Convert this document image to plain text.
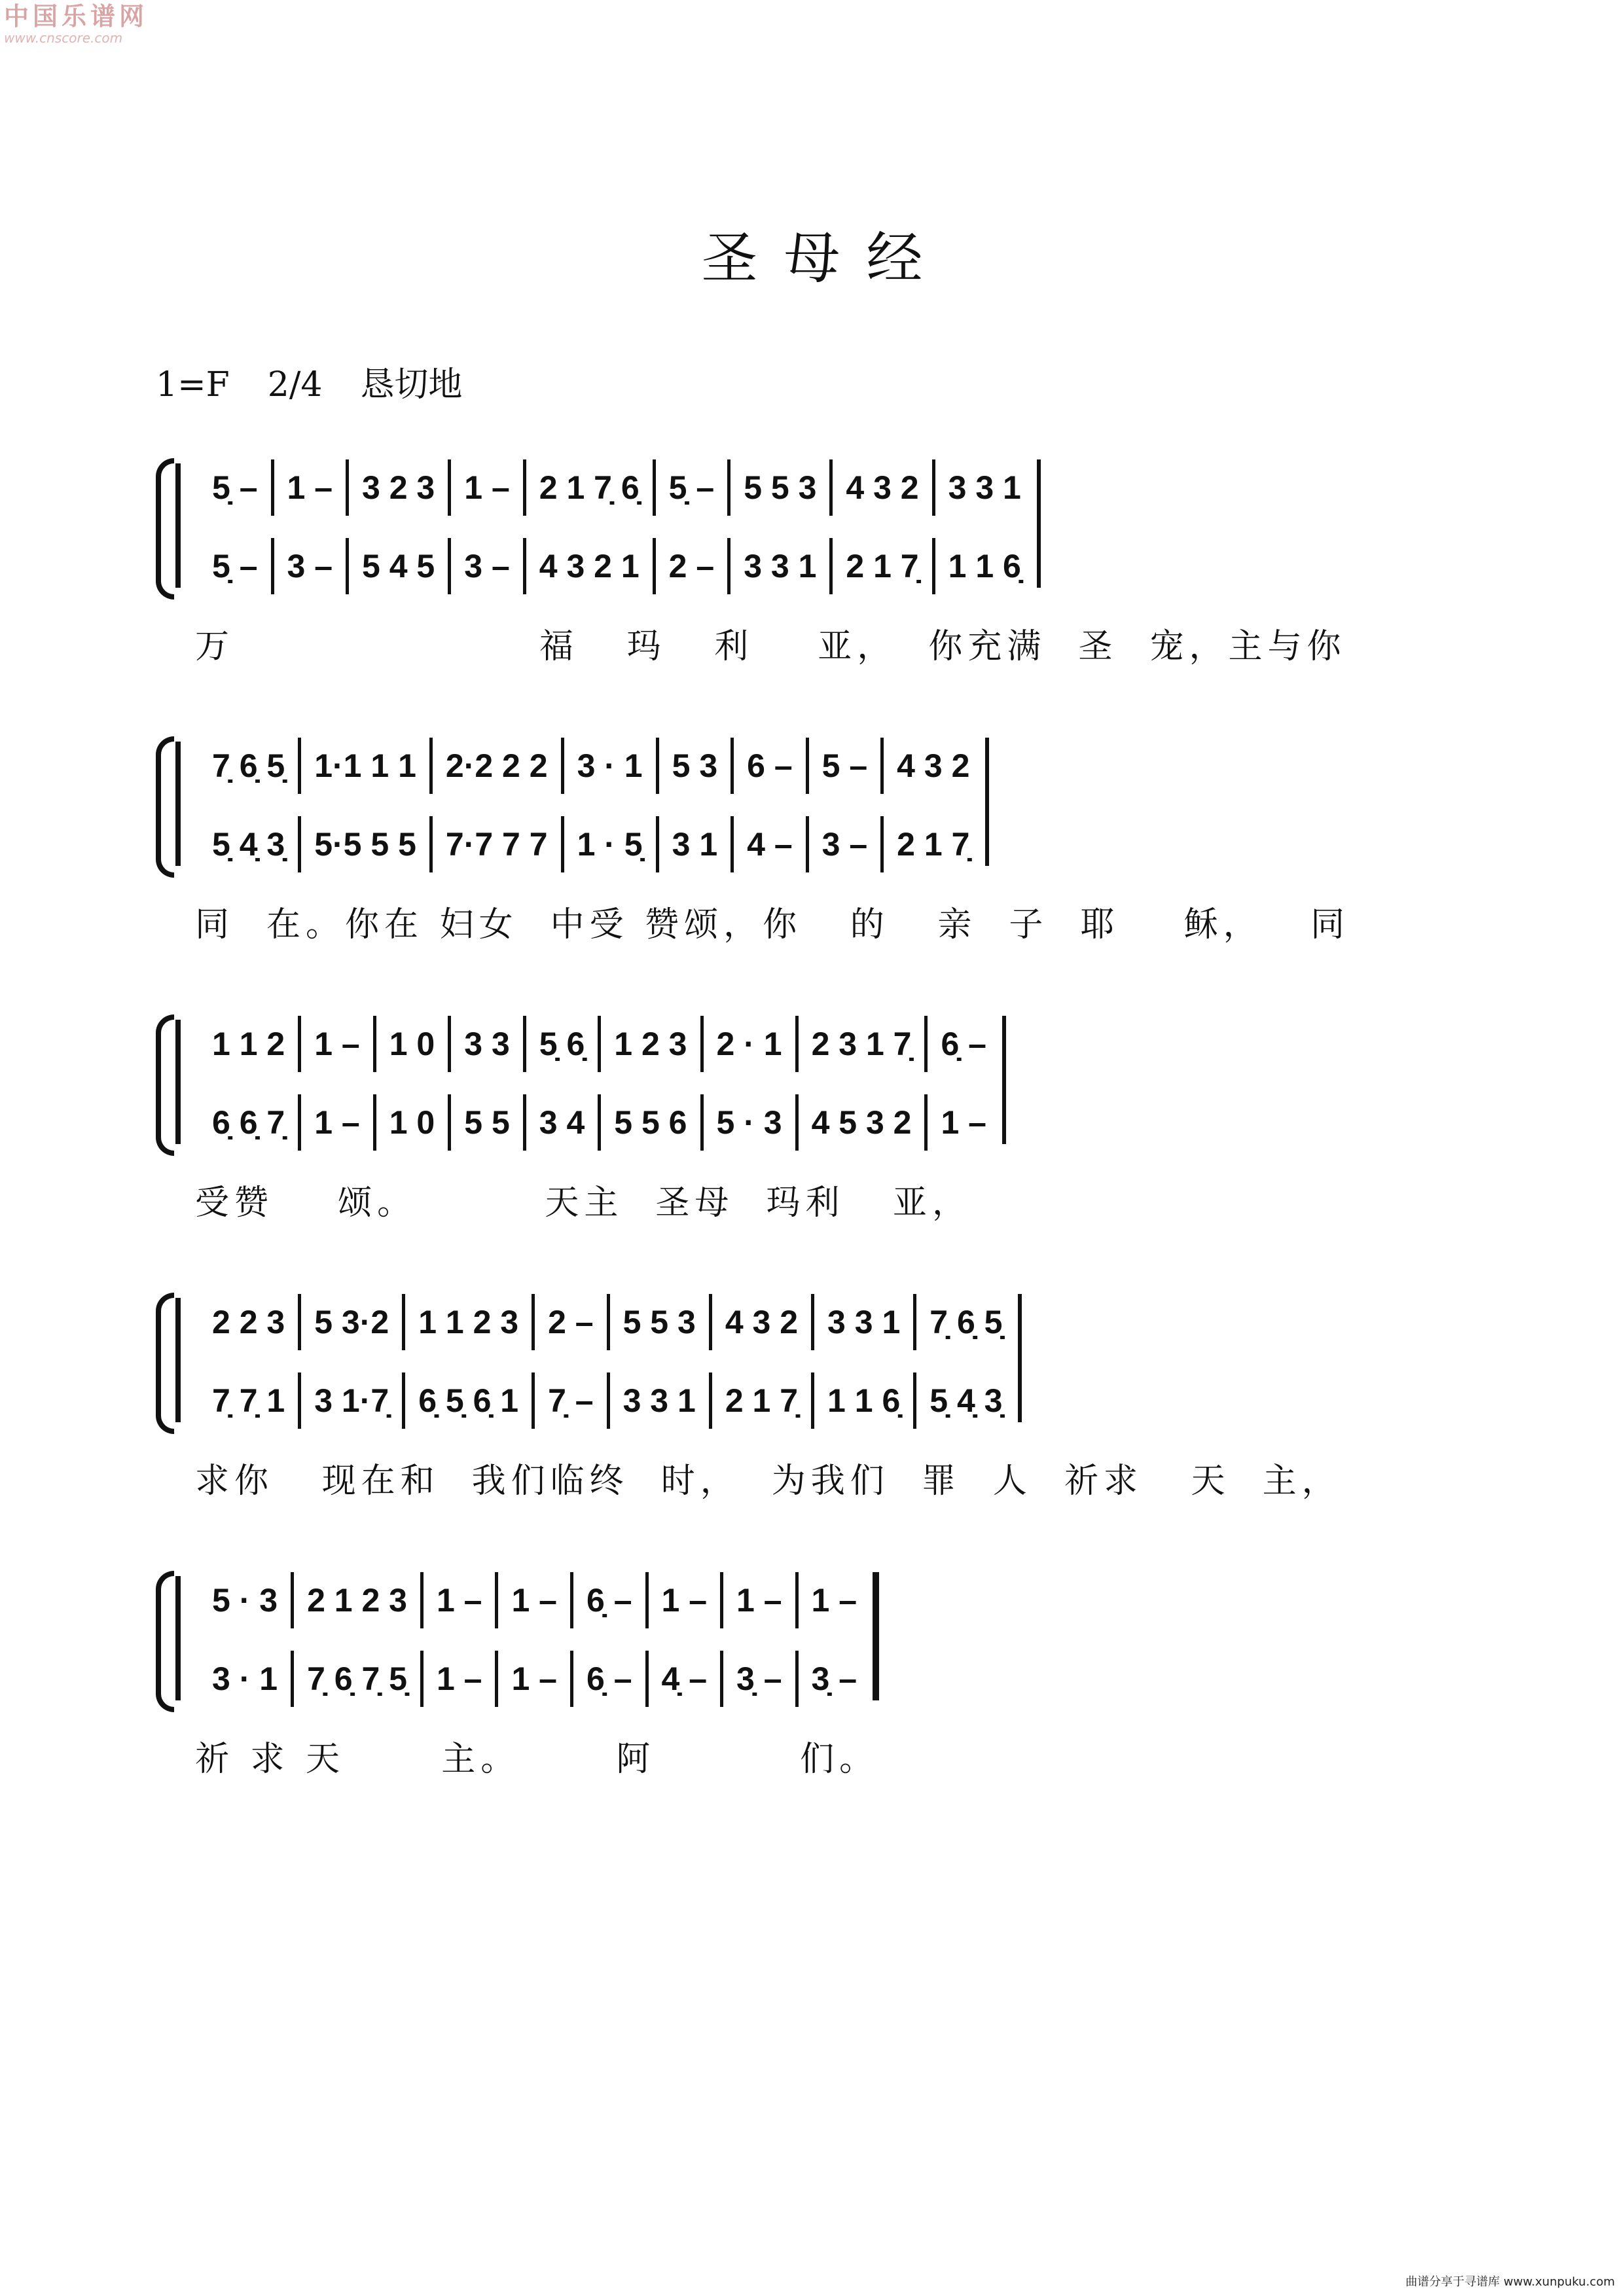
中国乐谱网
www.cnscore.com
圣母经
1=F 2/4 恳切地
5̣ – 1 – 3 2 3 1 – 2 1 7̣ 6̣ 5̣ – 5 5 3 4 3 2 3 3 1
5̣ – 3 – 5 4 5 3 – 4 3 2 1 2 – 3 3 1 2 1 7̣ 1 1 6̣
万                   福   玛   利    亚，  你充满  圣  宠，主与你
7̣ 6̣ 5̣ 1·1 1 1 2·2 2 2 3 · 1 5 3 6 – 5 – 4 3 2
5̣ 4̣ 3̣ 5·5 5 5 7·7 7 7 1 · 5̣ 3 1 4 – 3 – 2 1 7̣
同  在。你在 妇女  中受 赞颂，你   的   亲  子  耶    稣，   同
1 1 2 1 – 1 0 3 3 5̣ 6̣ 1 2 3 2 · 1 2 3 1 7̣ 6̣ –
6̣ 6̣ 7̣ 1 – 1 0 5 5 3 4 5 5 6 5 · 3 4 5 3 2 1 –
受赞    颂。        天主  圣母  玛利   亚，
2 2 3 5 3·2 1 1 2 3 2 – 5 5 3 4 3 2 3 3 1 7̣ 6̣ 5̣
7̣ 7̣ 1 3 1·7̣ 6̣ 5̣ 6̣ 1 7̣ – 3 3 1 2 1 7̣ 1 1 6̣ 5̣ 4̣ 3̣
求你   现在和  我们临终  时，  为我们  罪  人  祈求   天  主，
5 · 3 2 1 2 3 1 – 1 – 6̣ – 1 – 1 – 1 –
3 · 1 7̣ 6̣ 7̣ 5̣ 1 – 1 – 6̣ – 4̣ – 3̣ – 3̣ –
祈 求 天      主。      阿         们。
曲谱分享于寻谱库 www.xunpuku.com
